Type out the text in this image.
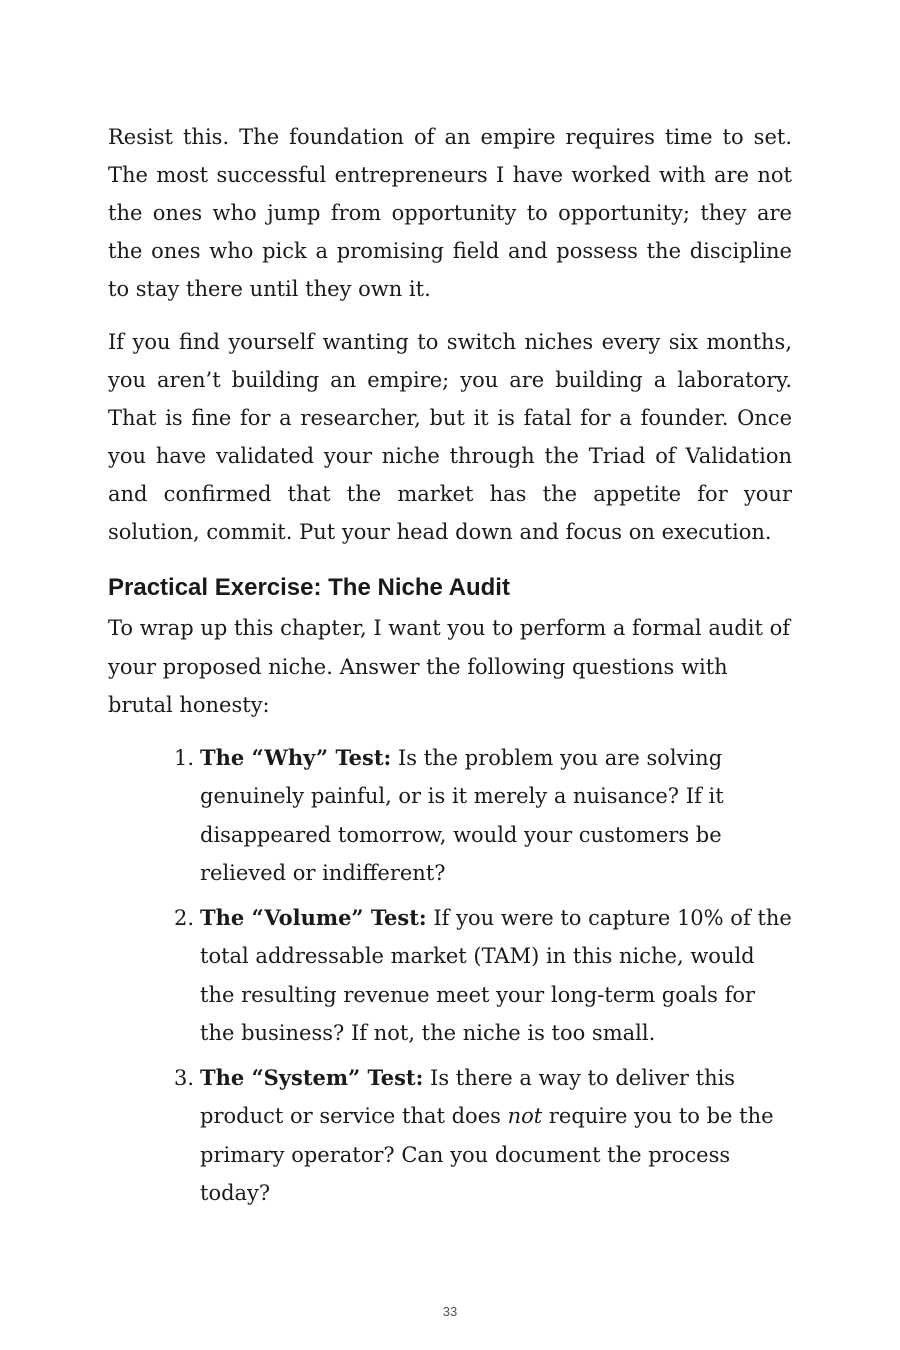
Resist this. The foundation of an empire requires time to set. The most successful entrepreneurs I have worked with are not the ones who jump from opportunity to opportunity; they are the ones who pick a promising field and possess the discipline to stay there until they own it.

If you find yourself wanting to switch niches every six months, you aren’t building an empire; you are building a laboratory. That is fine for a researcher, but it is fatal for a founder. Once you have validated your niche through the Triad of Validation and confirmed that the market has the appetite for your solution, commit. Put your head down and focus on execution.

Practical Exercise: The Niche Audit

To wrap up this chapter, I want you to perform a formal audit of your proposed niche. Answer the following questions with brutal honesty:

1. The “Why” Test: Is the problem you are solving genuinely painful, or is it merely a nuisance? If it disappeared tomorrow, would your customers be relieved or indifferent?
2. The “Volume” Test: If you were to capture 10% of the total addressable market (TAM) in this niche, would the resulting revenue meet your long-term goals for the business? If not, the niche is too small.
3. The “System” Test: Is there a way to deliver this product or service that does not require you to be the primary operator? Can you document the process today?
33
